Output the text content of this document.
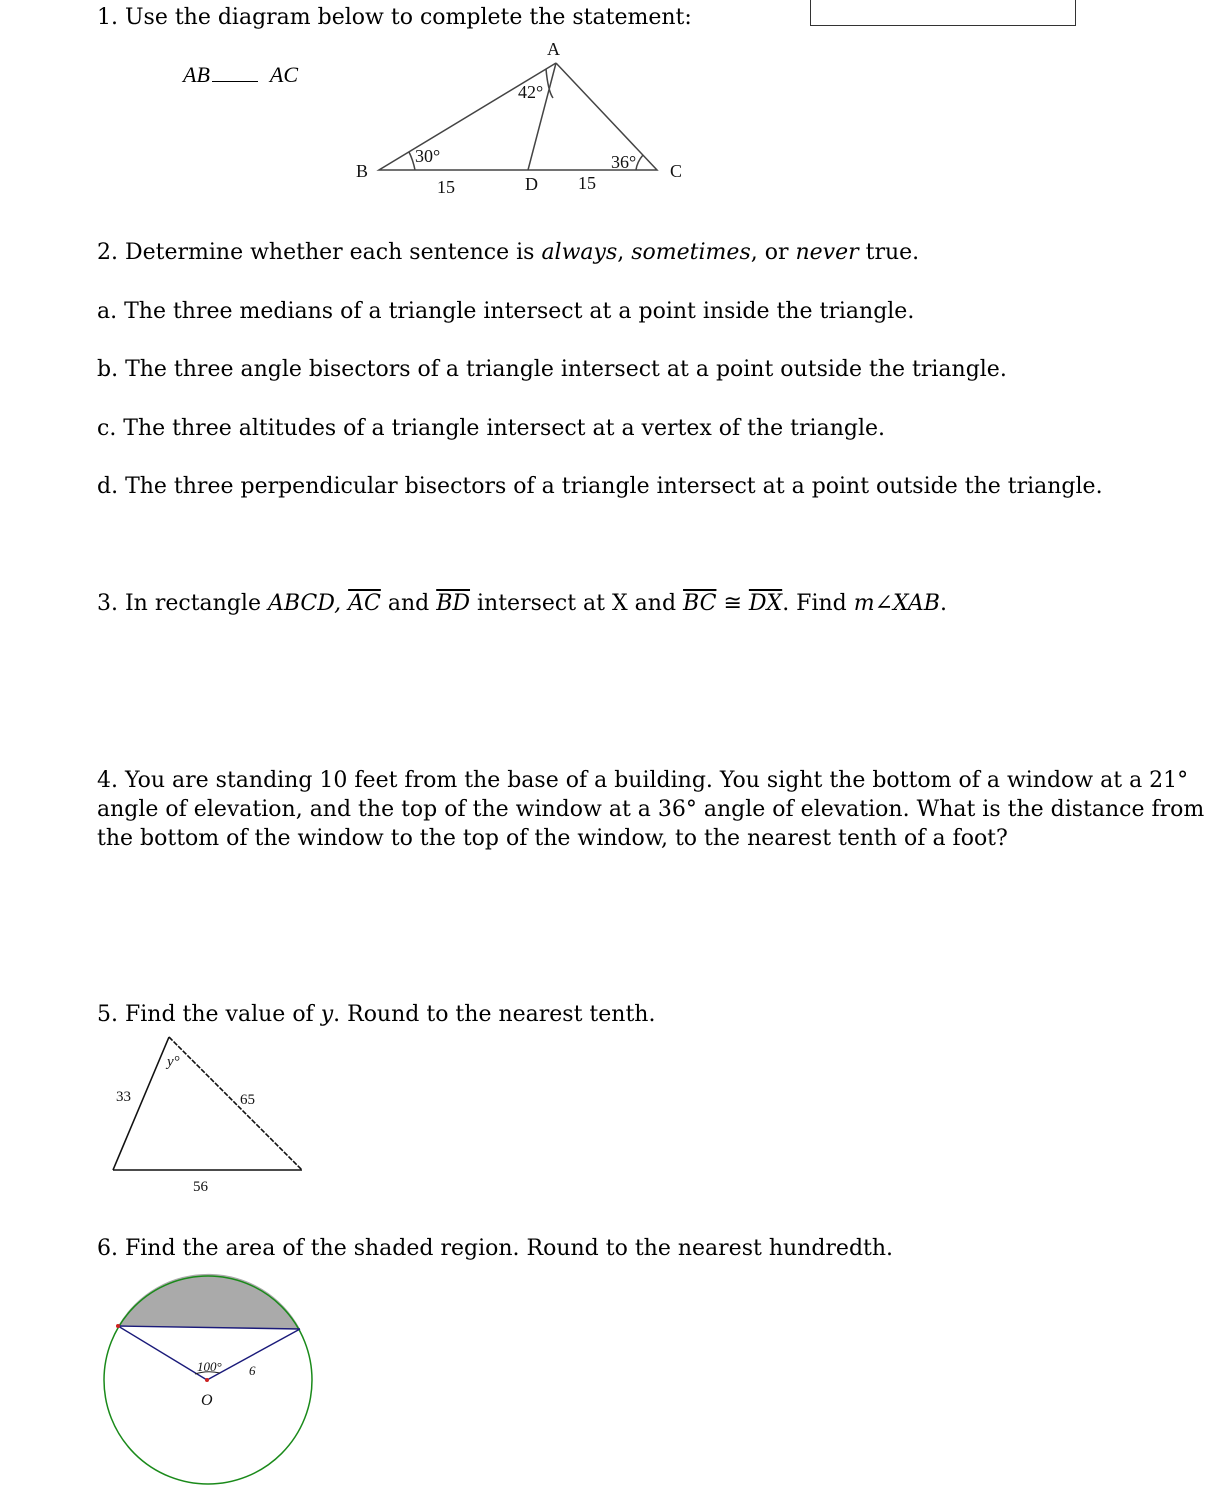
1. Use the diagram below to complete the statement:

AB	AC
A
B	C
D
42°
30°	36°
15	15

2. Determine whether each sentence is always, sometimes, or never true.

a. The three medians of a triangle intersect at a point inside the triangle.

b. The three angle bisectors of a triangle intersect at a point outside the triangle.

c. The three altitudes of a triangle intersect at a vertex of the triangle.

d. The three perpendicular bisectors of a triangle intersect at a point outside the triangle.

3. In rectangle ABCD, $\overline{AC}$ and $\overline{BD}$ intersect at X and $\overline{BC}$ ≅ $\overline{DX}$. Find m∠XAB.

4. You are standing 10 feet from the base of a building. You sight the bottom of a window at a 21°

angle of elevation, and the top of the window at a 36° angle of elevation. What is the distance from

the bottom of the window to the top of the window, to the nearest tenth of a foot?

5. Find the value of y. Round to the nearest tenth.

y°
33	65
56

6. Find the area of the shaded region. Round to the nearest hundredth.

100° 6
O
